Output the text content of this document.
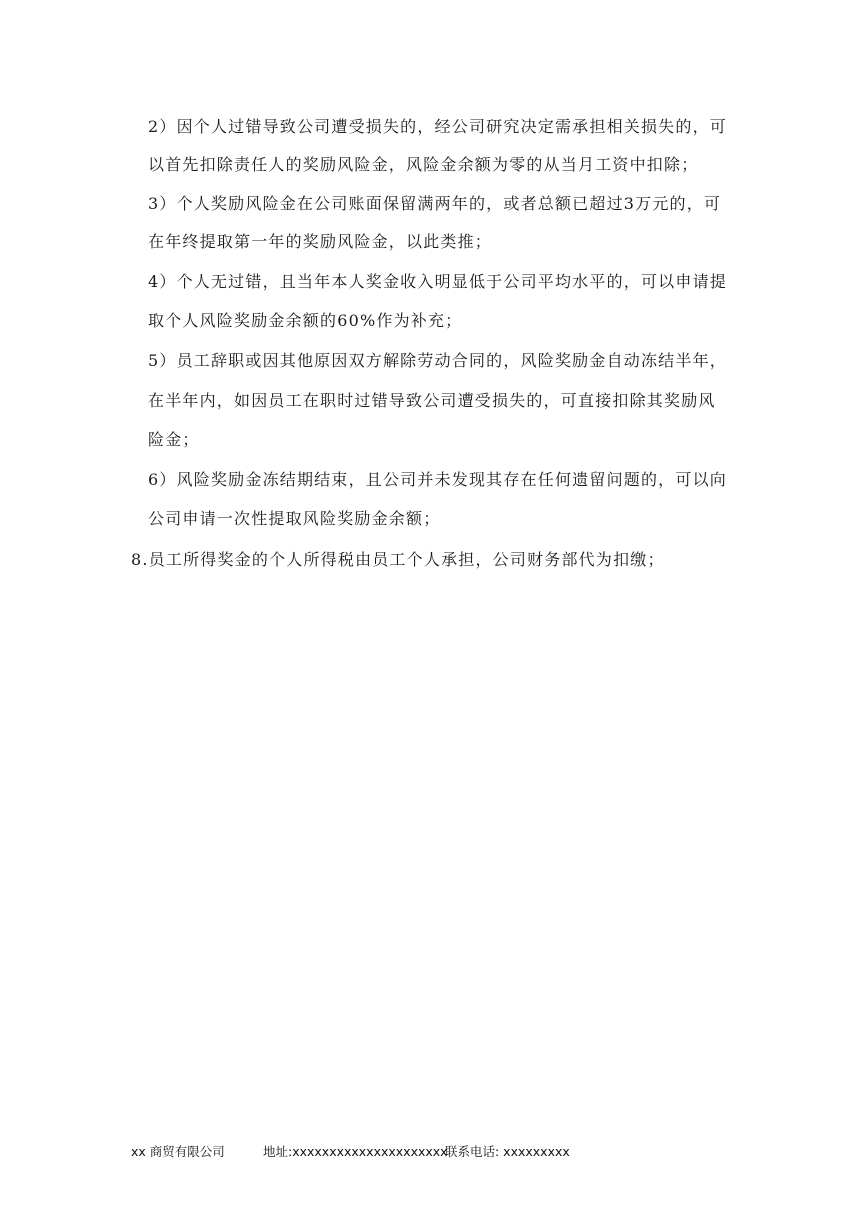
2）因个人过错导致公司遭受损失的，经公司研究决定需承担相关损失的，可
以首先扣除责任人的奖励风险金，风险金余额为零的从当月工资中扣除；
3）个人奖励风险金在公司账面保留满两年的，或者总额已超过3万元的，可
在年终提取第一年的奖励风险金，以此类推；
4）个人无过错，且当年本人奖金收入明显低于公司平均水平的，可以申请提
取个人风险奖励金余额的60%作为补充；
5）员工辞职或因其他原因双方解除劳动合同的，风险奖励金自动冻结半年，
在半年内，如因员工在职时过错导致公司遭受损失的，可直接扣除其奖励风
险金；
6）风险奖励金冻结期结束，且公司并未发现其存在任何遗留问题的，可以向
公司申请一次性提取风险奖励金余额；
8.员工所得奖金的个人所得税由员工个人承担，公司财务部代为扣缴；
xx 商贸有限公司	地址:xxxxxxxxxxxxxxxxxxxxx
联系电话: xxxxxxxxx
